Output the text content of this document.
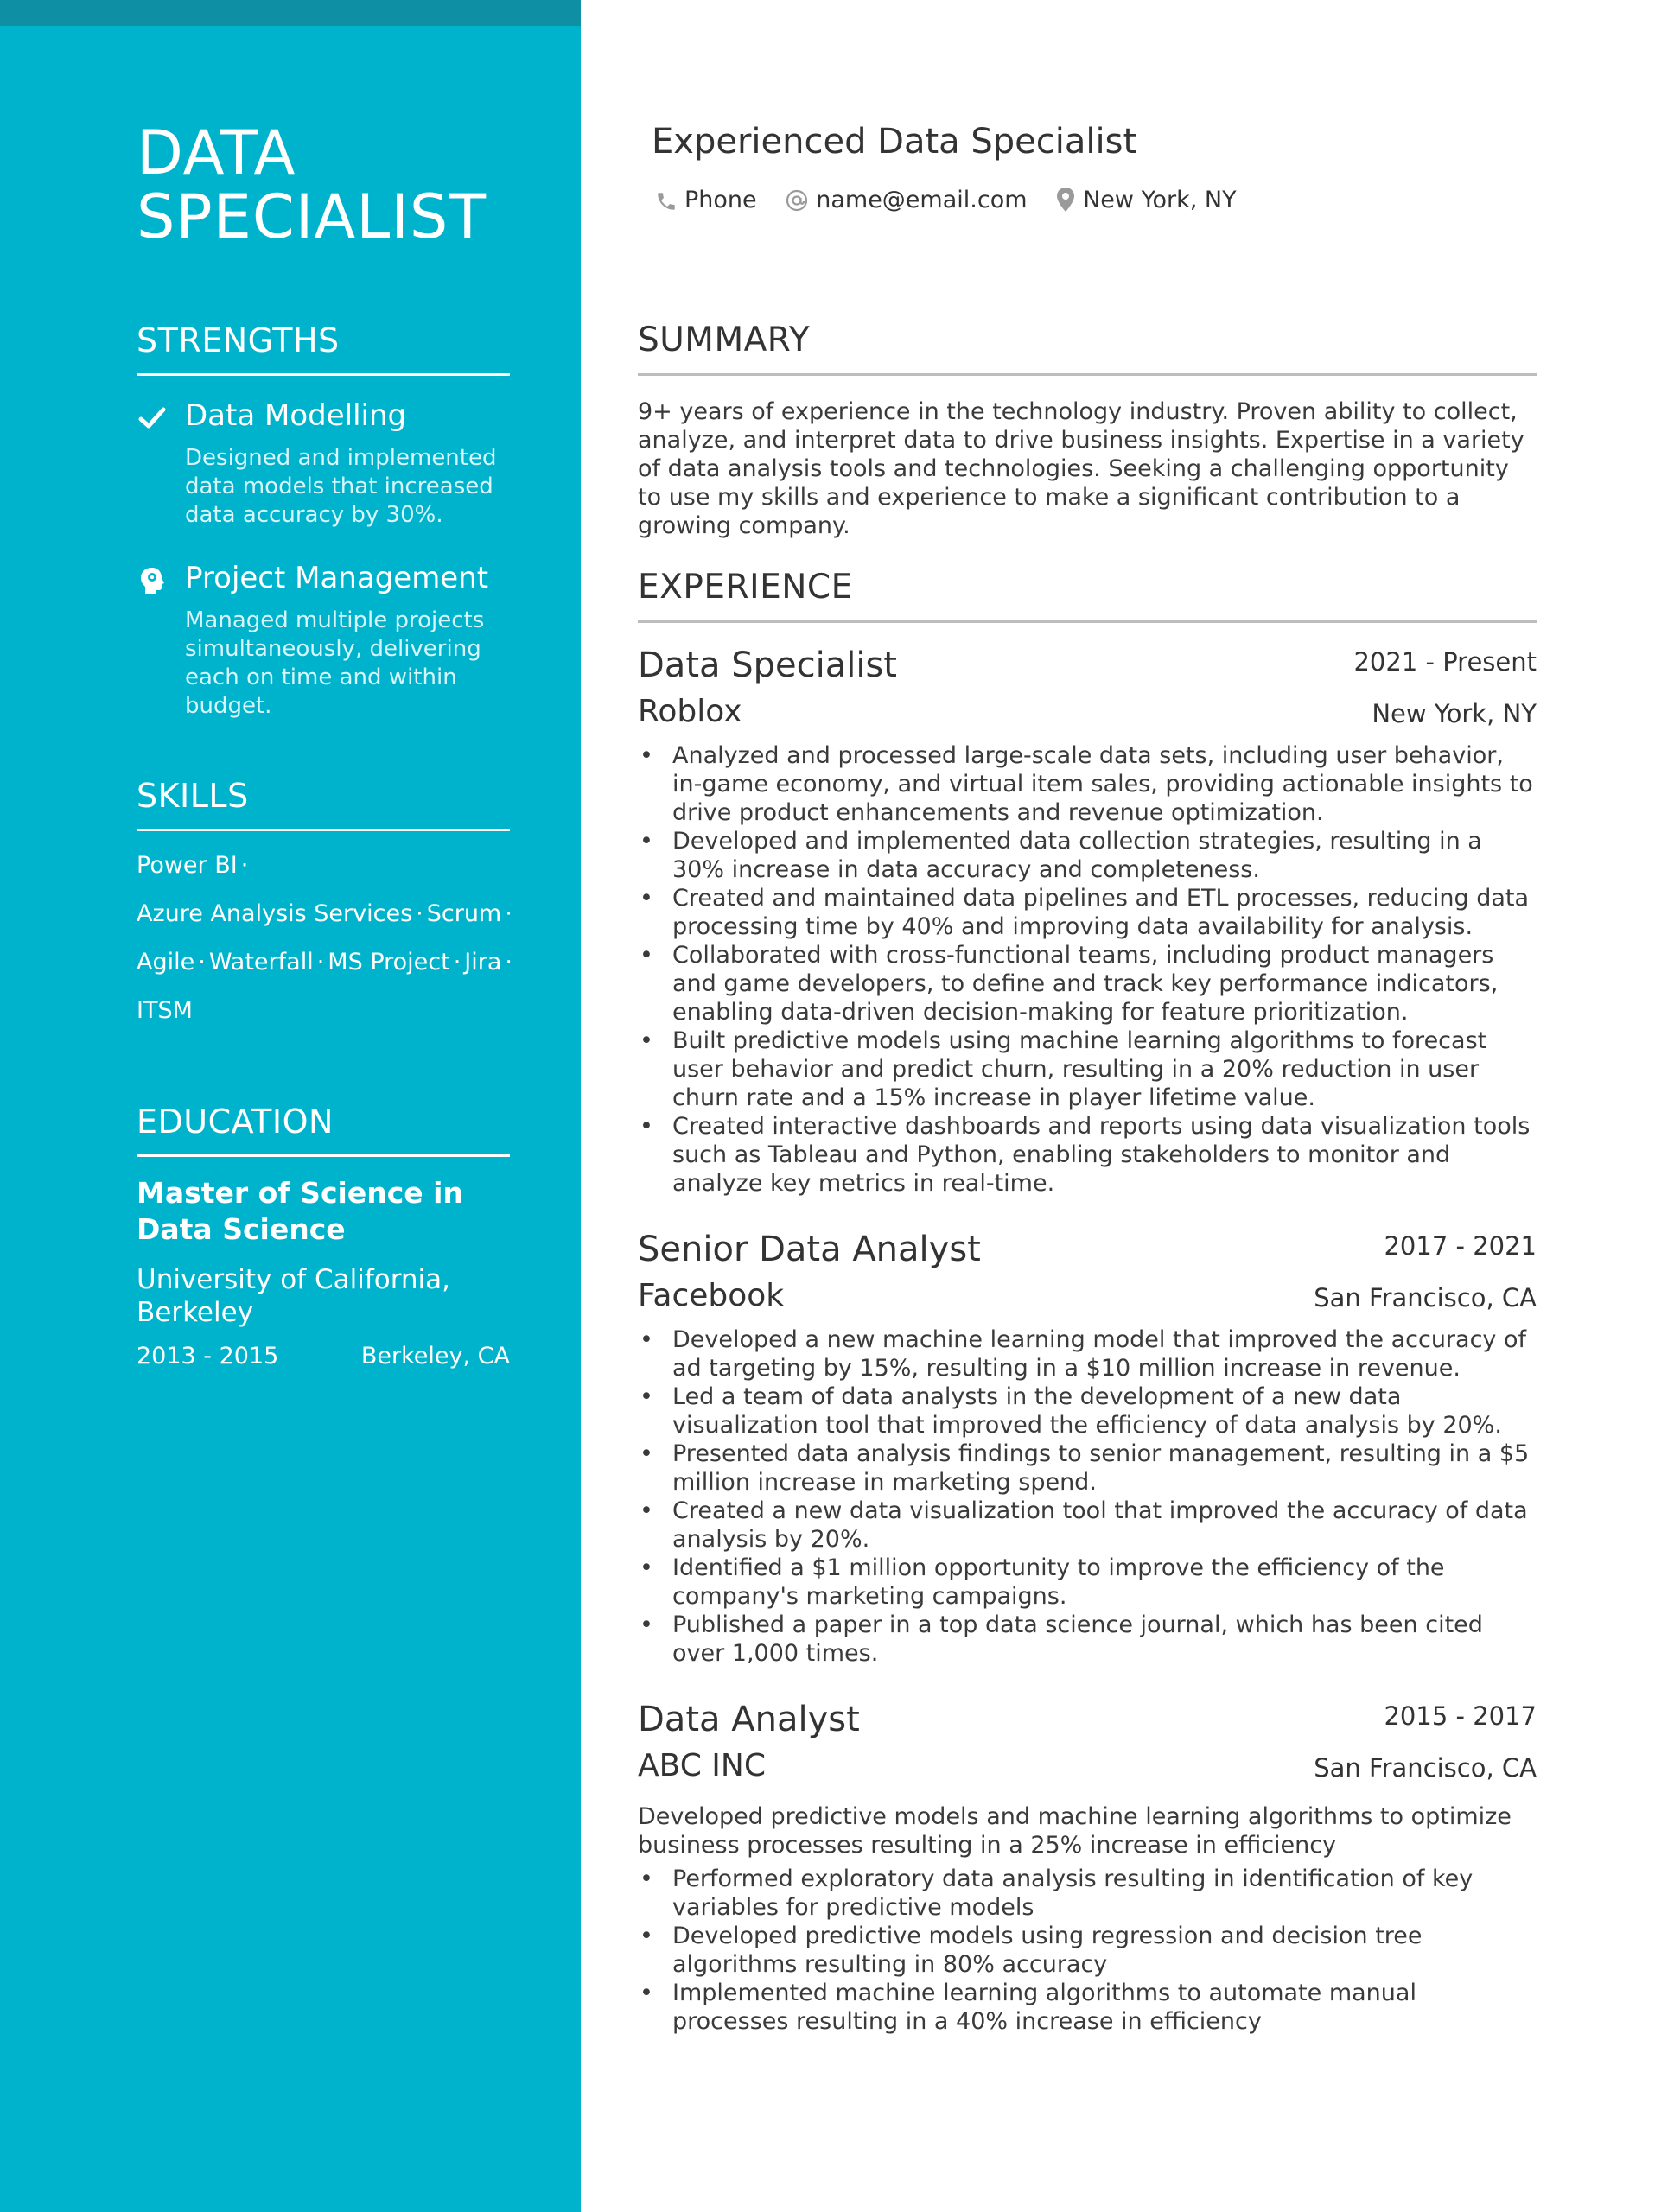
DATA
SPECIALIST
STRENGTHS
Data Modelling
Designed and implemented data models that increased data accuracy by 30%.
Project Management
Managed multiple projects simultaneously, delivering each on time and within budget.
SKILLS
Power BI ·
Azure Analysis Services · Scrum ·
Agile · Waterfall · MS Project · Jira ·
ITSM
EDUCATION
Master of Science in Data Science
University of California, Berkeley
2013 - 2015	Berkeley, CA
Experienced Data Specialist
Phone	name@email.com New York, NY
SUMMARY

9+ years of experience in the technology industry. Proven ability to collect, analyze, and interpret data to drive business insights. Expertise in a variety of data analysis tools and technologies. Seeking a challenging opportunity to use my skills and experience to make a significant contribution to a growing company.

EXPERIENCE
Data Specialist	2021 - Present
Roblox	New York, NY
• Analyzed and processed large-scale data sets, including user behavior, in-game economy, and virtual item sales, providing actionable insights to drive product enhancements and revenue optimization.
• Developed and implemented data collection strategies, resulting in a 30% increase in data accuracy and completeness.
• Created and maintained data pipelines and ETL processes, reducing data processing time by 40% and improving data availability for analysis.
• Collaborated with cross-functional teams, including product managers and game developers, to define and track key performance indicators, enabling data-driven decision-making for feature prioritization.
• Built predictive models using machine learning algorithms to forecast user behavior and predict churn, resulting in a 20% reduction in user churn rate and a 15% increase in player lifetime value.
• Created interactive dashboards and reports using data visualization tools such as Tableau and Python, enabling stakeholders to monitor and analyze key metrics in real-time.
Senior Data Analyst	2017 - 2021
Facebook	San Francisco, CA
• Developed a new machine learning model that improved the accuracy of ad targeting by 15%, resulting in a $10 million increase in revenue.
• Led a team of data analysts in the development of a new data visualization tool that improved the efficiency of data analysis by 20%.
• Presented data analysis findings to senior management, resulting in a $5 million increase in marketing spend.
• Created a new data visualization tool that improved the accuracy of data analysis by 20%.
• Identified a $1 million opportunity to improve the efficiency of the company's marketing campaigns.
• Published a paper in a top data science journal, which has been cited over 1,000 times.
Data Analyst	2015 - 2017
ABC INC	San Francisco, CA

Developed predictive models and machine learning algorithms to optimize business processes resulting in a 25% increase in efficiency

• Performed exploratory data analysis resulting in identification of key variables for predictive models
• Developed predictive models using regression and decision tree algorithms resulting in 80% accuracy
• Implemented machine learning algorithms to automate manual processes resulting in a 40% increase in efficiency
